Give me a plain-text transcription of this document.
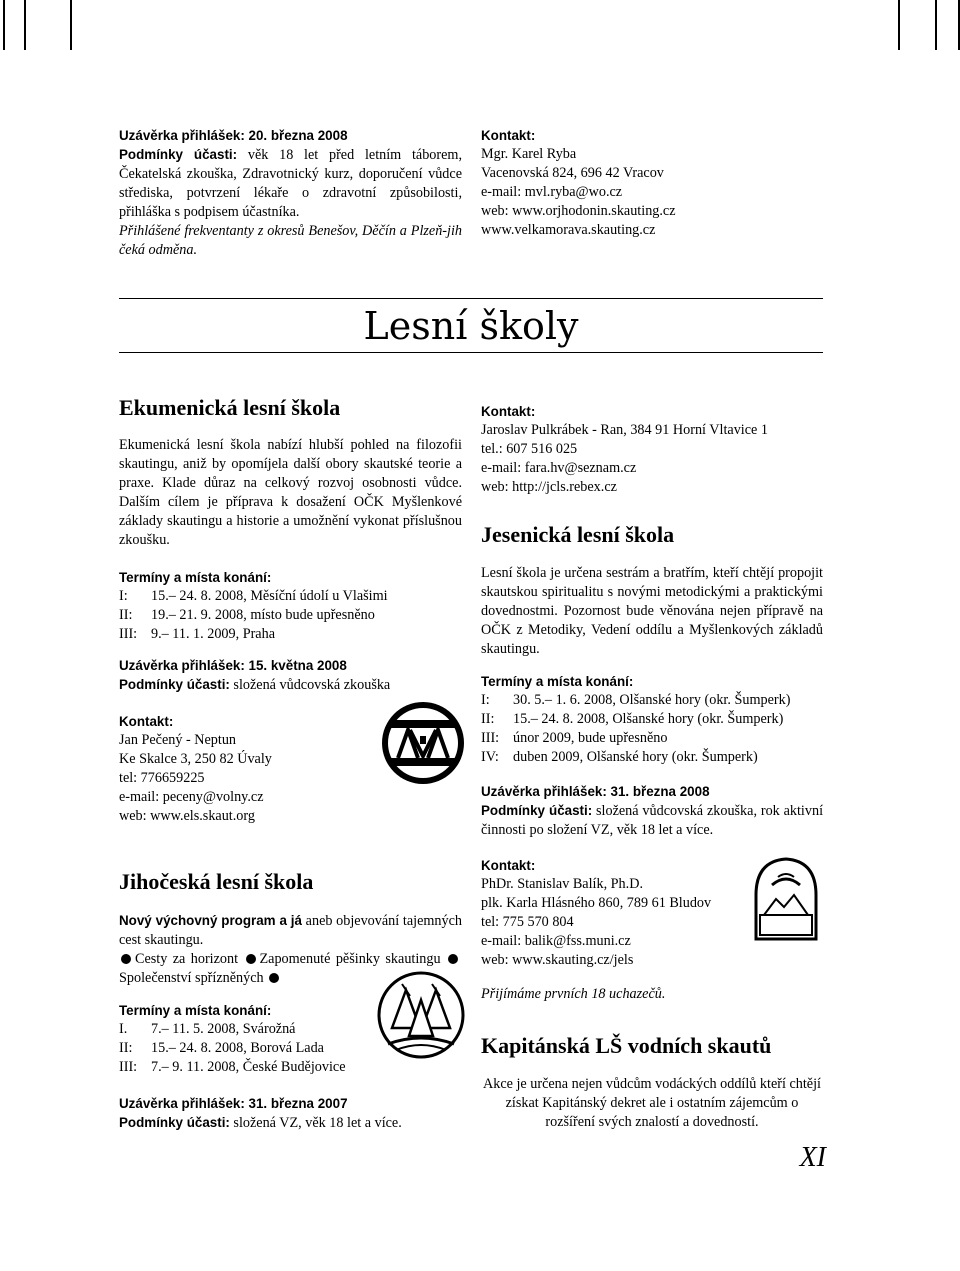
Uzávěrka přihlášek: 20. března 2008

Podmínky účasti: věk 18 let před letním táborem, Čekatelská zkouška, Zdravotnický kurz, doporučení vůdce střediska, potvrzení lékaře o zdravotní způsobilosti, přihláška s podpisem účastníka.

Přihlášené frekventanty z okresů Benešov, Děčín a Plzeň-jih čeká odměna.

Kontakt:

Mgr. Karel Ryba

Vacenovská 824, 696 42 Vracov

e-mail: mvl.ryba@wo.cz

web: www.orjhodonin.skauting.cz

www.velkamorava.skauting.cz

Lesní školy
Ekumenická lesní škola
Ekumenická lesní škola nabízí hlubší pohled na filozofii skautingu, aniž by opomíjela další obory skautské teorie a praxe. Klade důraz na celkový rozvoj osobnosti vůdce. Dalším cílem je příprava k dosažení OČK Myšlenkové základy skautingu a historie a umožnění vykonat příslušnou zkoušku.

Termíny a místa konání:

I:	15.– 24. 8. 2008, Měsíční údolí u Vlašimi
II:	19.– 21. 9. 2008, místo bude upřesněno
III: 9.– 11. 1. 2009, Praha

Uzávěrka přihlášek: 15. května 2008

Podmínky účasti: složená vůdcovská zkouška

Kontakt:

Jan Pečený - Neptun

Ke Skalce 3, 250 82 Úvaly

tel: 776659225

e-mail: peceny@volny.cz

web: www.els.skaut.org

Kontakt:

Jaroslav Pulkrábek - Ran, 384 91 Horní Vltavice 1

tel.: 607 516 025

e-mail: fara.hv@seznam.cz

web: http://jcls.rebex.cz

Jesenická lesní škola
Lesní škola je určena sestrám a bratřím, kteří chtějí propojit skautskou spiritualitu s novými metodickými a praktickými dovednostmi. Pozornost bude věnována nejen přípravě na OČK z Metodiky, Vedení oddílu a Myšlenkových základů skautingu.

Termíny a místa konání:

I:	30. 5.– 1. 6. 2008, Olšanské hory (okr. Šumperk)
II:	15.– 24. 8. 2008, Olšanské hory (okr. Šumperk)
III: únor 2009, bude upřesněno
IV: duben 2009, Olšanské hory (okr. Šumperk)

Uzávěrka přihlášek: 31. března 2008

Podmínky účasti: složená vůdcovská zkouška, rok aktivní činnosti po složení VZ, věk 18 let a více.

Kontakt:

PhDr. Stanislav Balík, Ph.D.

plk. Karla Hlásného 860, 789 61 Bludov

tel: 775 570 804

e-mail: balik@fss.muni.cz

web: www.skauting.cz/jels

Přijímáme prvních 18 uchazečů.
Jihočeská lesní škola

Nový výchovný program a já aneb objevování tajemných cest skautingu.

Cesty za horizont Zapomenuté pěšinky skautingu Společenství spřízněných

Termíny a místa konání:

I.	7.– 11. 5. 2008, Svárožná
II:	15.– 24. 8. 2008, Borová Lada
III: 7.– 9. 11. 2008, České Budějovice

Uzávěrka přihlášek: 31. března 2007

Podmínky účasti: složená VZ, věk 18 let a více.

Kapitánská LŠ vodních skautů
Akce je určena nejen vůdcům vodáckých oddílů kteří chtějí získat Kapitánský dekret ale i ostatním zájemcům o rozšíření svých znalostí a dovedností.
XI
